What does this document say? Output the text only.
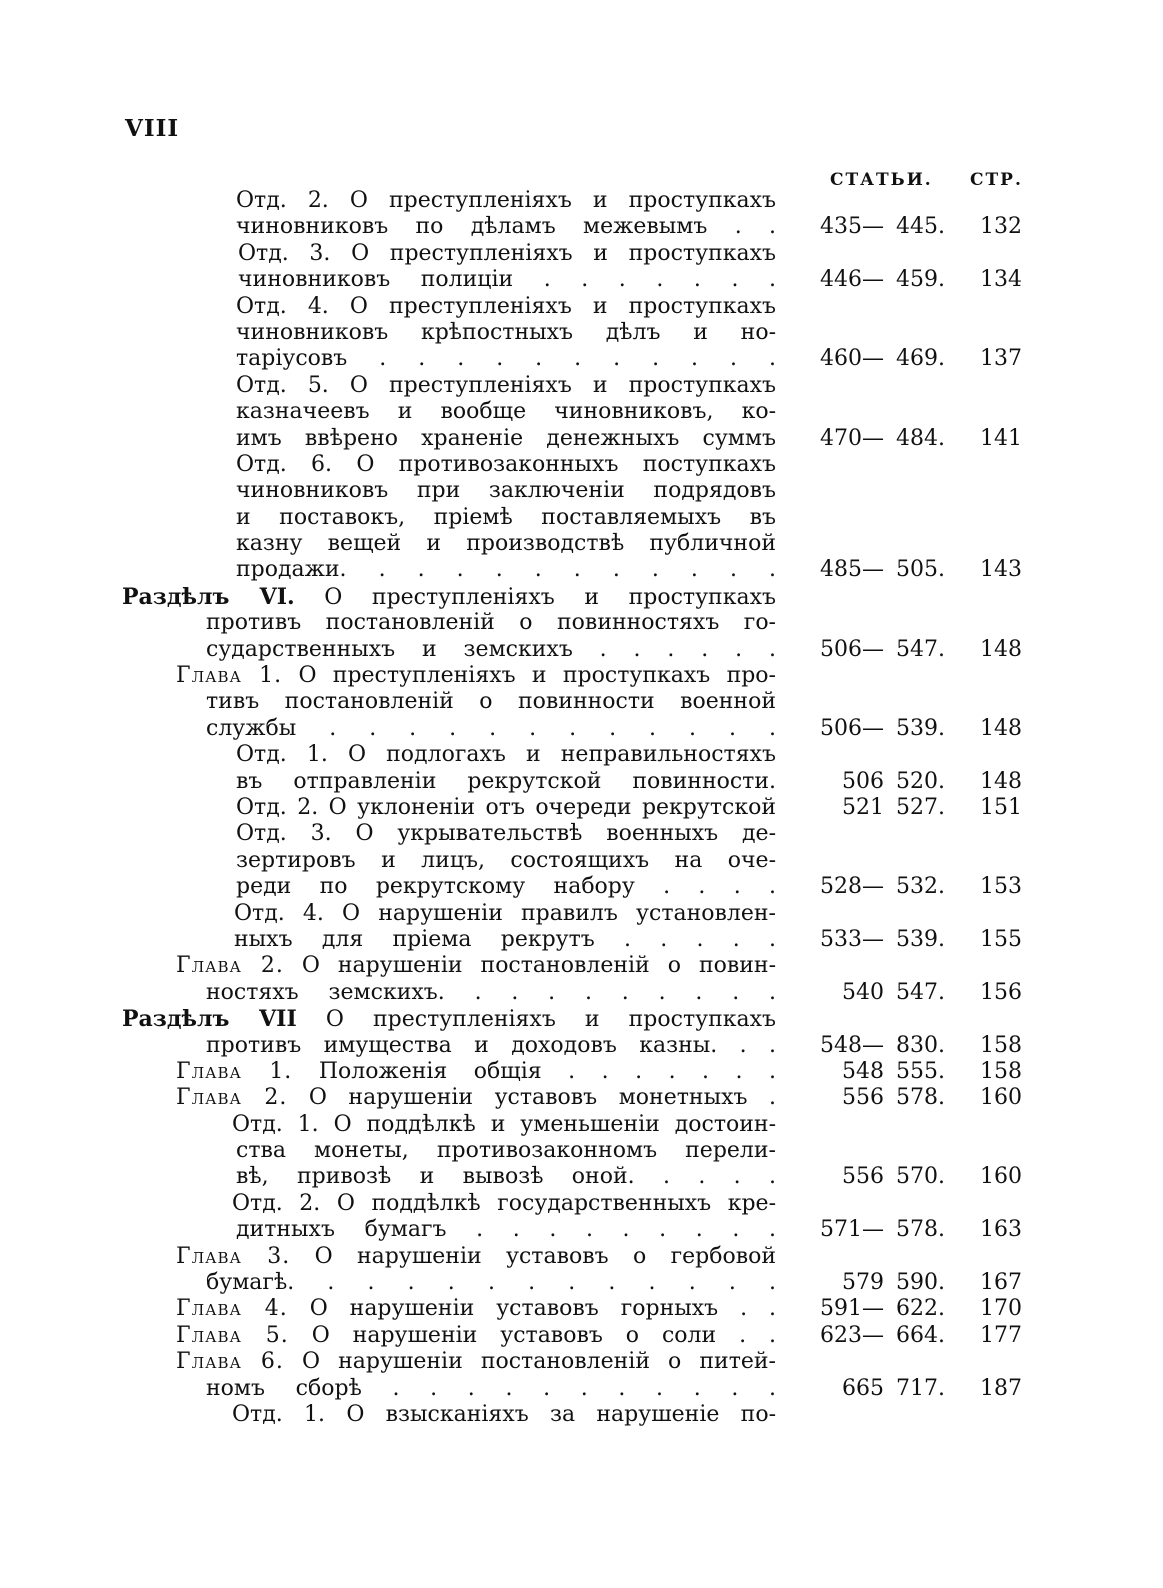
VIII
СТАТЬИ. СТР.
Отд. 2. О преступленіяхъ и проступкахъ
чиновниковъ по дѣламъ межевымъ . .	435— 445.	132
Отд. 3. О преступленіяхъ и проступкахъ
чиновниковъ полиціи . . . . . . .	446— 459.	134
Отд. 4. О преступленіяхъ и проступкахъ
чиновниковъ крѣпостныхъ дѣлъ и но-
таріусовъ . . . . . . . . . . .	460— 469.	137
Отд. 5. О преступленіяхъ и проступкахъ
казначеевъ и вообще чиновниковъ, ко-
имъ ввѣрено храненіе денежныхъ суммъ	470— 484.	141
Отд. 6. О противозаконныхъ поступкахъ
чиновниковъ при заключеніи подрядовъ
и поставокъ, пріемѣ поставляемыхъ въ
казну вещей и производствѣ публичной
продажи. . . . . . . . . . . .	485— 505.	143
Раздѣлъ VI. О преступленіяхъ и проступкахъ
противъ постановленій о повинностяхъ го-
сударственныхъ и земскихъ . . . . . .	506— 547.	148
Глава 1. О преступленіяхъ и проступкахъ про-
тивъ постановленій о повинности военной
службы . . . . . . . . . . . .	506— 539.	148
Отд. 1. О подлогахъ и неправильностяхъ
въ отправленіи рекрутской повинности.	506 520.	148
Отд. 2. О уклоненіи отъ очереди рекрутской	521 527.	151
Отд. 3. О укрывательствѣ военныхъ де-
зертировъ и лицъ, состоящихъ на оче-
реди по рекрутскому набору . . . .	528— 532.	153
Отд. 4. О нарушеніи правилъ установлен-
ныхъ для пріема рекрутъ . . . . .	533— 539.	155
Глава 2. О нарушеніи постановленій о повин-
ностяхъ земскихъ. . . . . . . . . .	540 547.	156
Раздѣлъ VII О преступленіяхъ и проступкахъ
противъ имущества и доходовъ казны. . .	548— 830.	158
Глава 1. Положенія общія . . . . . . .	548 555.	158
Глава 2. О нарушеніи уставовъ монетныхъ .	556 578.	160
Отд. 1. О поддѣлкѣ и уменьшеніи достоин-
ства монеты, противозаконномъ перели-
вѣ, привозѣ и вывозѣ оной. . . . .	556 570.	160
Отд. 2. О поддѣлкѣ государственныхъ кре-
дитныхъ бумагъ . . . . . . . . .	571— 578.	163
Глава 3. О нарушеніи уставовъ о гербовой
бумагѣ. . . . . . . . . . . . .	579 590.	167
Глава 4. О нарушеніи уставовъ горныхъ . .	591— 622.	170
Глава 5. О нарушеніи уставовъ о соли . .	623— 664.	177
Глава 6. О нарушеніи постановленій о питей-
номъ сборѣ . . . . . . . . . . .	665 717.	187
Отд. 1. О взысканіяхъ за нарушеніе по-
